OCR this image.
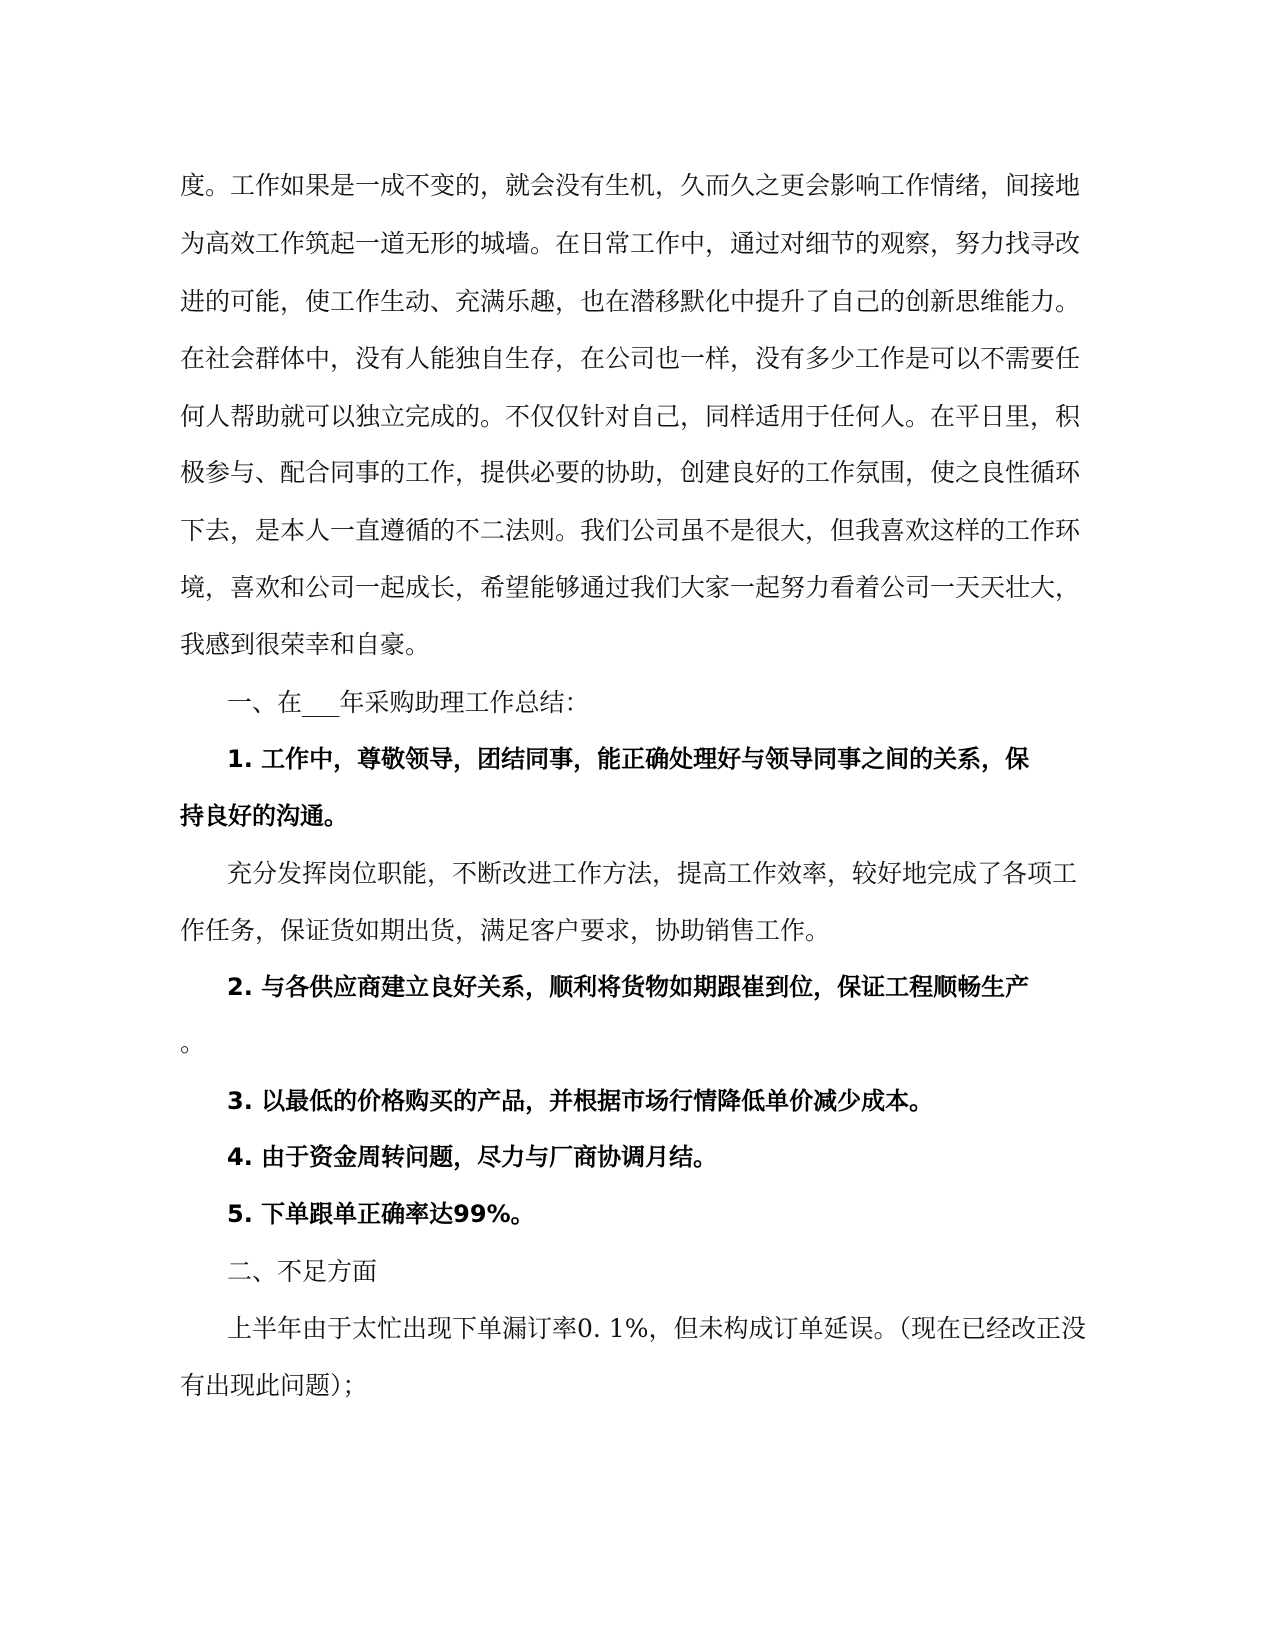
度。工作如果是一成不变的，就会没有生机，久而久之更会影响工作情绪，间接地

为高效工作筑起一道无形的城墙。在日常工作中，通过对细节的观察，努力找寻改

进的可能，使工作生动、充满乐趣，也在潜移默化中提升了自己的创新思维能力。

在社会群体中，没有人能独自生存，在公司也一样，没有多少工作是可以不需要任

何人帮助就可以独立完成的。不仅仅针对自己，同样适用于任何人。在平日里，积

极参与、配合同事的工作，提供必要的协助，创建良好的工作氛围，使之良性循环

下去，是本人一直遵循的不二法则。我们公司虽不是很大，但我喜欢这样的工作环

境，喜欢和公司一起成长，希望能够通过我们大家一起努力看着公司一天天壮大，

我感到很荣幸和自豪。

一、在___年采购助理工作总结：

1. 工作中，尊敬领导，团结同事，能正确处理好与领导同事之间的关系，保

持良好的沟通。

充分发挥岗位职能，不断改进工作方法，提高工作效率，较好地完成了各项工

作任务，保证货如期出货，满足客户要求，协助销售工作。

2. 与各供应商建立良好关系，顺利将货物如期跟崔到位，保证工程顺畅生产

。

3. 以最低的价格购买的产品，并根据市场行情降低单价减少成本。

4. 由于资金周转问题，尽力与厂商协调月结。

5. 下单跟单正确率达99%。

二、不足方面

上半年由于太忙出现下单漏订率0. 1%，但未构成订单延误。（现在已经改正没

有出现此问题）；
